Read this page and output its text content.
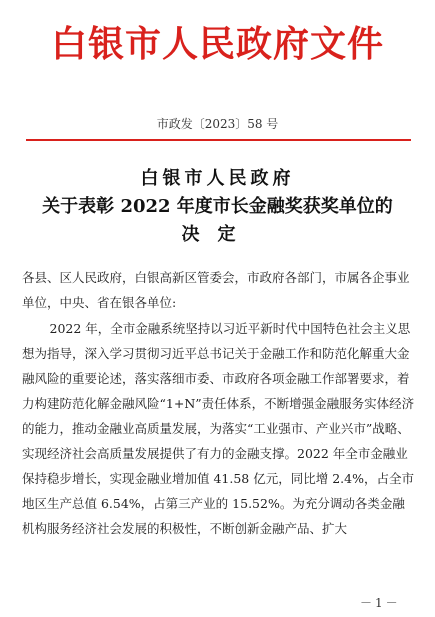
白银市人民政府文件
市政发〔2023〕58 号
白银市人民政府
关于表彰 2022 年度市长金融奖获奖单位的
决定
各县、区人民政府，白银高新区管委会，市政府各部门，市属各企事业单位，中央、省在银各单位:
2022 年，全市金融系统坚持以习近平新时代中国特色社会主义思想为指导，深入学习贯彻习近平总书记关于金融工作和防范化解重大金融风险的重要论述，落实落细市委、市政府各项金融工作部署要求，着力构建防范化解金融风险“1+N”责任体系，不断增强金融服务实体经济的能力，推动金融业高质量发展，为落实“工业强市、产业兴市”战略、实现经济社会高质量发展提供了有力的金融支撑。2022 年全市金融业保持稳步增长，实现金融业增加值 41.58 亿元，同比增 2.4%，占全市地区生产总值 6.54%，占第三产业的 15.52%。为充分调动各类金融机构服务经济社会发展的积极性，不断创新金融产品、扩大
－1－
